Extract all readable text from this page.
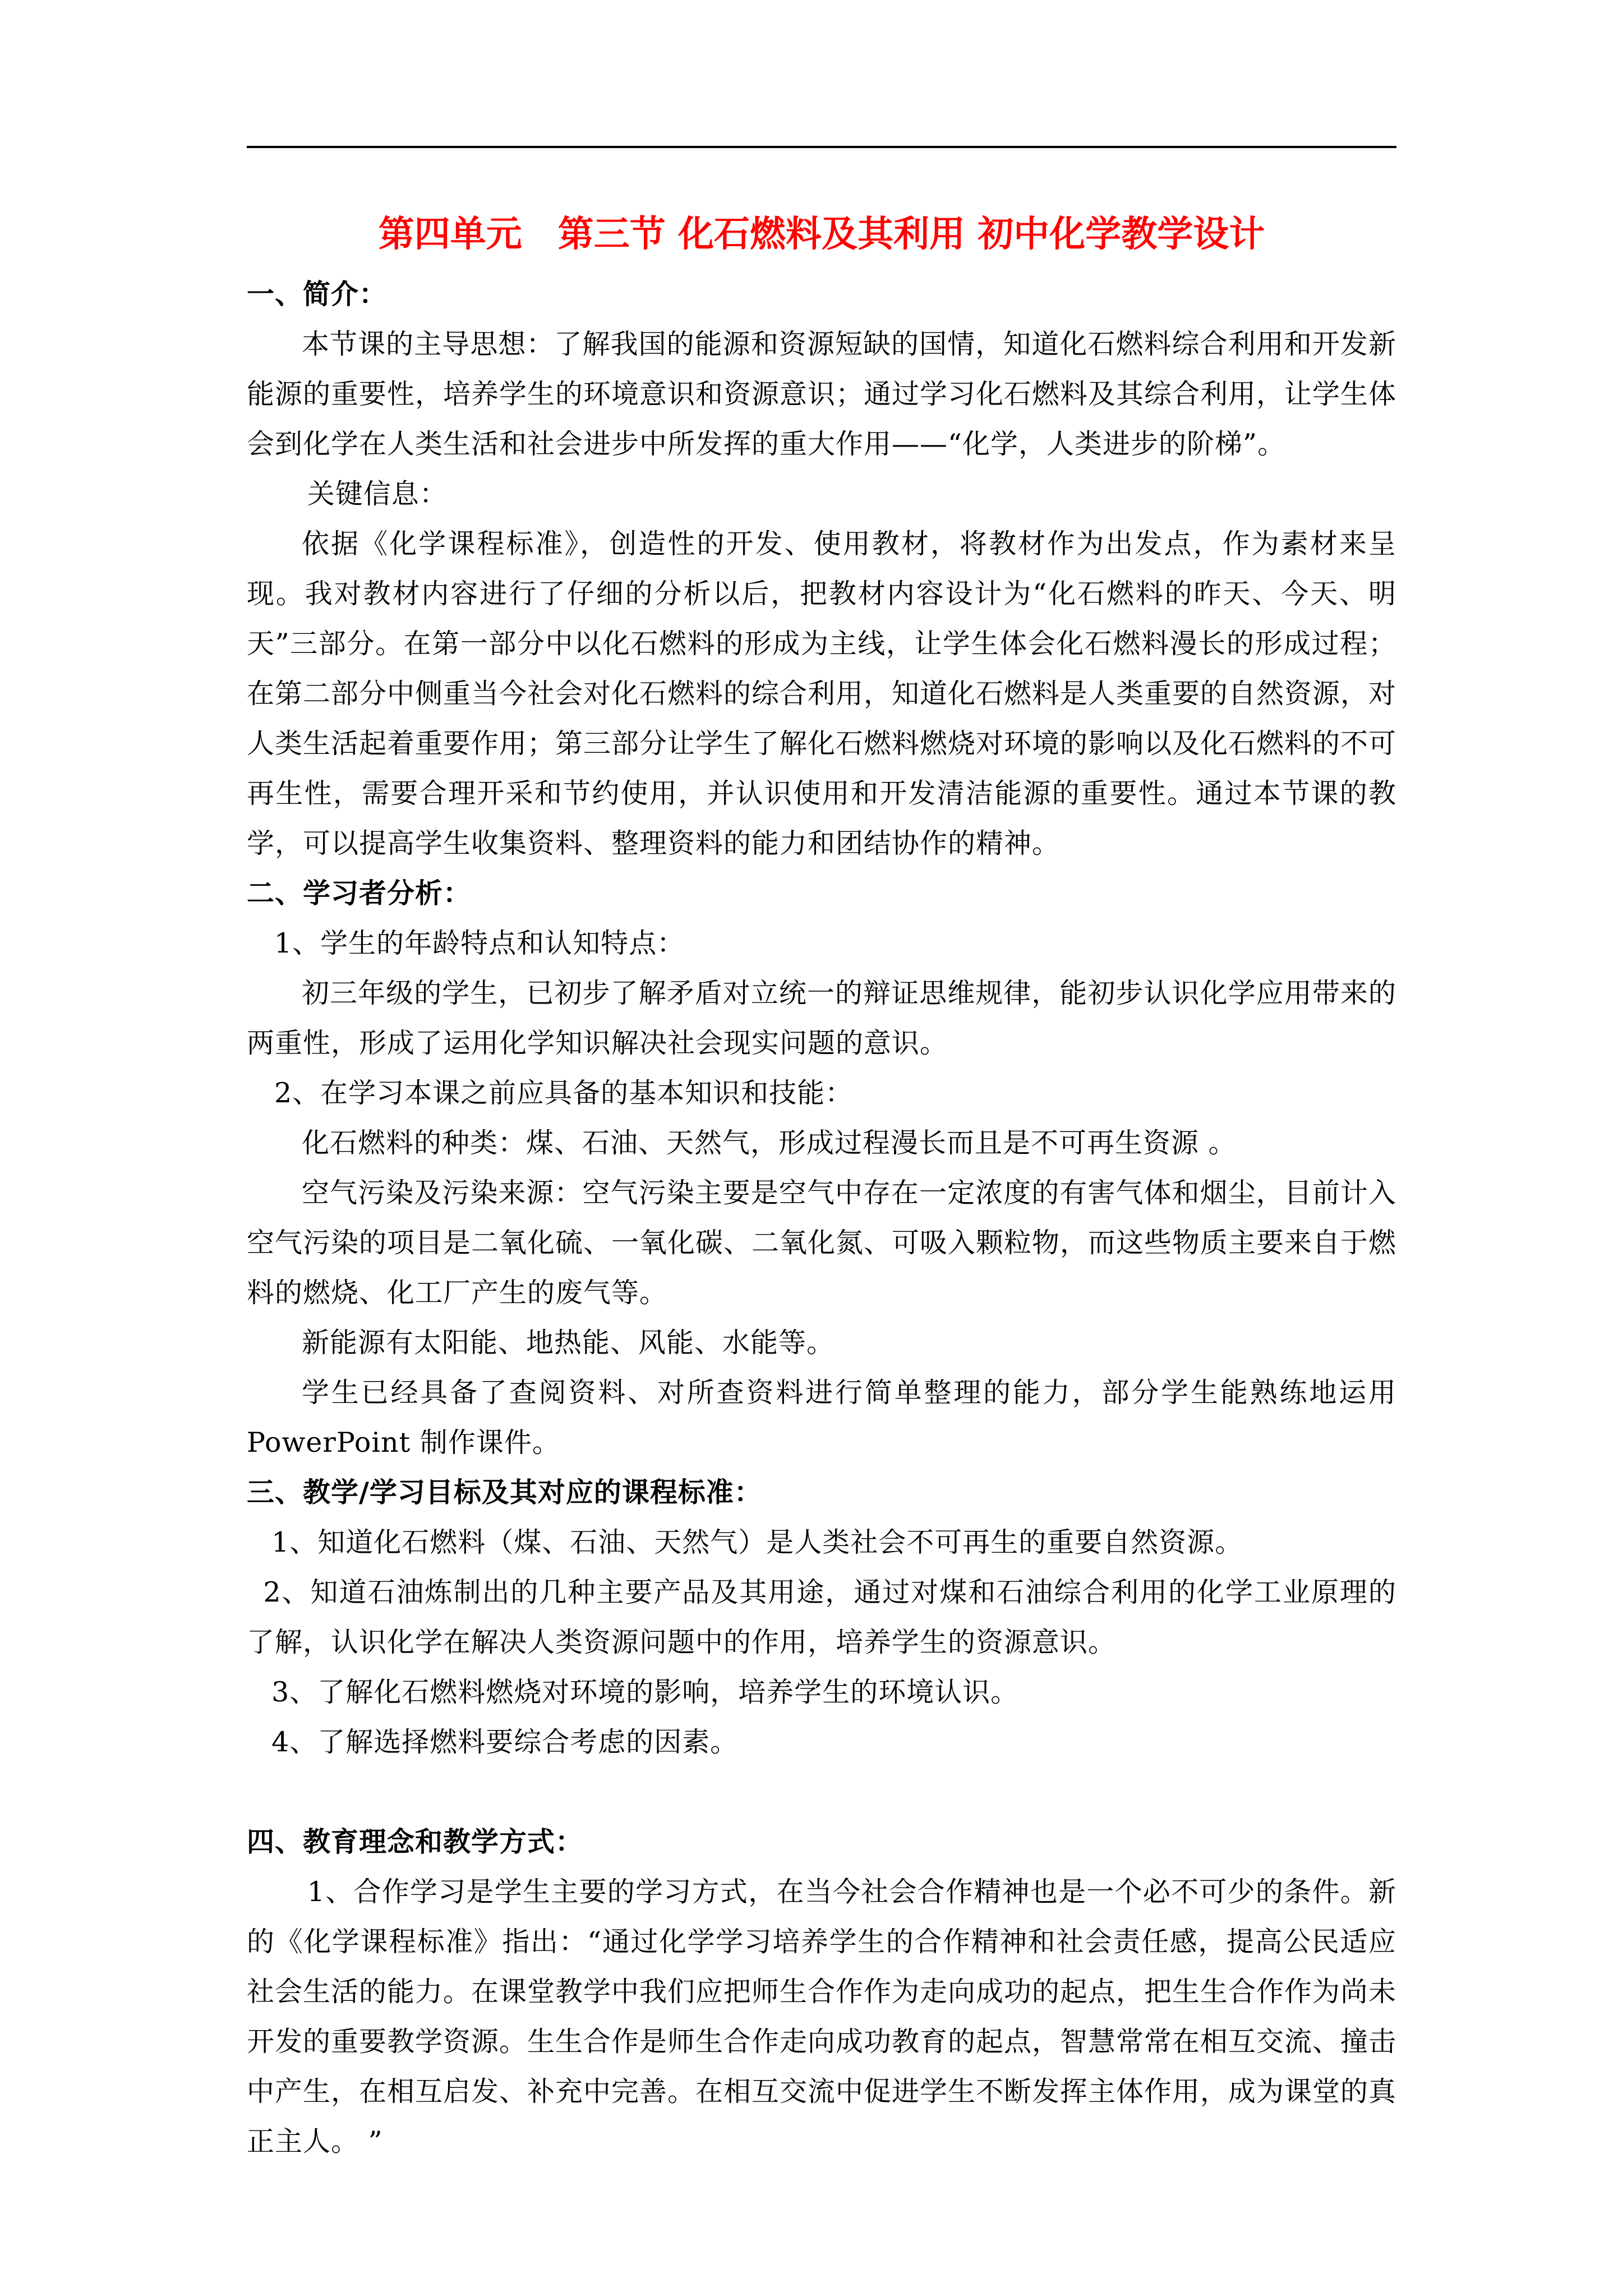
第四单元　第三节 化石燃料及其利用 初中化学教学设计
一、简介：

本节课的主导思想：了解我国的能源和资源短缺的国情，知道化石燃料综合利用和开发新能源的重要性，培养学生的环境意识和资源意识；通过学习化石燃料及其综合利用，让学生体会到化学在人类生活和社会进步中所发挥的重大作用——“化学，人类进步的阶梯”。

关键信息：

依据《化学课程标准》，创造性的开发、使用教材，将教材作为出发点，作为素材来呈现。我对教材内容进行了仔细的分析以后，把教材内容设计为“化石燃料的昨天、今天、明天”三部分。在第一部分中以化石燃料的形成为主线，让学生体会化石燃料漫长的形成过程；在第二部分中侧重当今社会对化石燃料的综合利用，知道化石燃料是人类重要的自然资源，对人类生活起着重要作用；第三部分让学生了解化石燃料燃烧对环境的影响以及化石燃料的不可再生性，需要合理开采和节约使用，并认识使用和开发清洁能源的重要性。通过本节课的教学，可以提高学生收集资料、整理资料的能力和团结协作的精神。

二、学习者分析：

1、学生的年龄特点和认知特点：

初三年级的学生，已初步了解矛盾对立统一的辩证思维规律，能初步认识化学应用带来的两重性，形成了运用化学知识解决社会现实问题的意识。

2、在学习本课之前应具备的基本知识和技能：

化石燃料的种类：煤、石油、天然气，形成过程漫长而且是不可再生资源 。

空气污染及污染来源：空气污染主要是空气中存在一定浓度的有害气体和烟尘，目前计入空气污染的项目是二氧化硫、一氧化碳、二氧化氮、可吸入颗粒物，而这些物质主要来自于燃料的燃烧、化工厂产生的废气等。

新能源有太阳能、地热能、风能、水能等。

学生已经具备了查阅资料、对所查资料进行简单整理的能力，部分学生能熟练地运用 PowerPoint 制作课件。

三、教学/学习目标及其对应的课程标准：

1、知道化石燃料（煤、石油、天然气）是人类社会不可再生的重要自然资源。

2、知道石油炼制出的几种主要产品及其用途，通过对煤和石油综合利用的化学工业原理的了解，认识化学在解决人类资源问题中的作用，培养学生的资源意识。

3、了解化石燃料燃烧对环境的影响，培养学生的环境认识。

4、了解选择燃料要综合考虑的因素。

四、教育理念和教学方式：

1、合作学习是学生主要的学习方式，在当今社会合作精神也是一个必不可少的条件。新的《化学课程标准》指出：“通过化学学习培养学生的合作精神和社会责任感，提高公民适应社会生活的能力。在课堂教学中我们应把师生合作作为走向成功的起点，把生生合作作为尚未开发的重要教学资源。生生合作是师生合作走向成功教育的起点，智慧常常在相互交流、撞击中产生，在相互启发、补充中完善。在相互交流中促进学生不断发挥主体作用，成为课堂的真正主人。 ”
